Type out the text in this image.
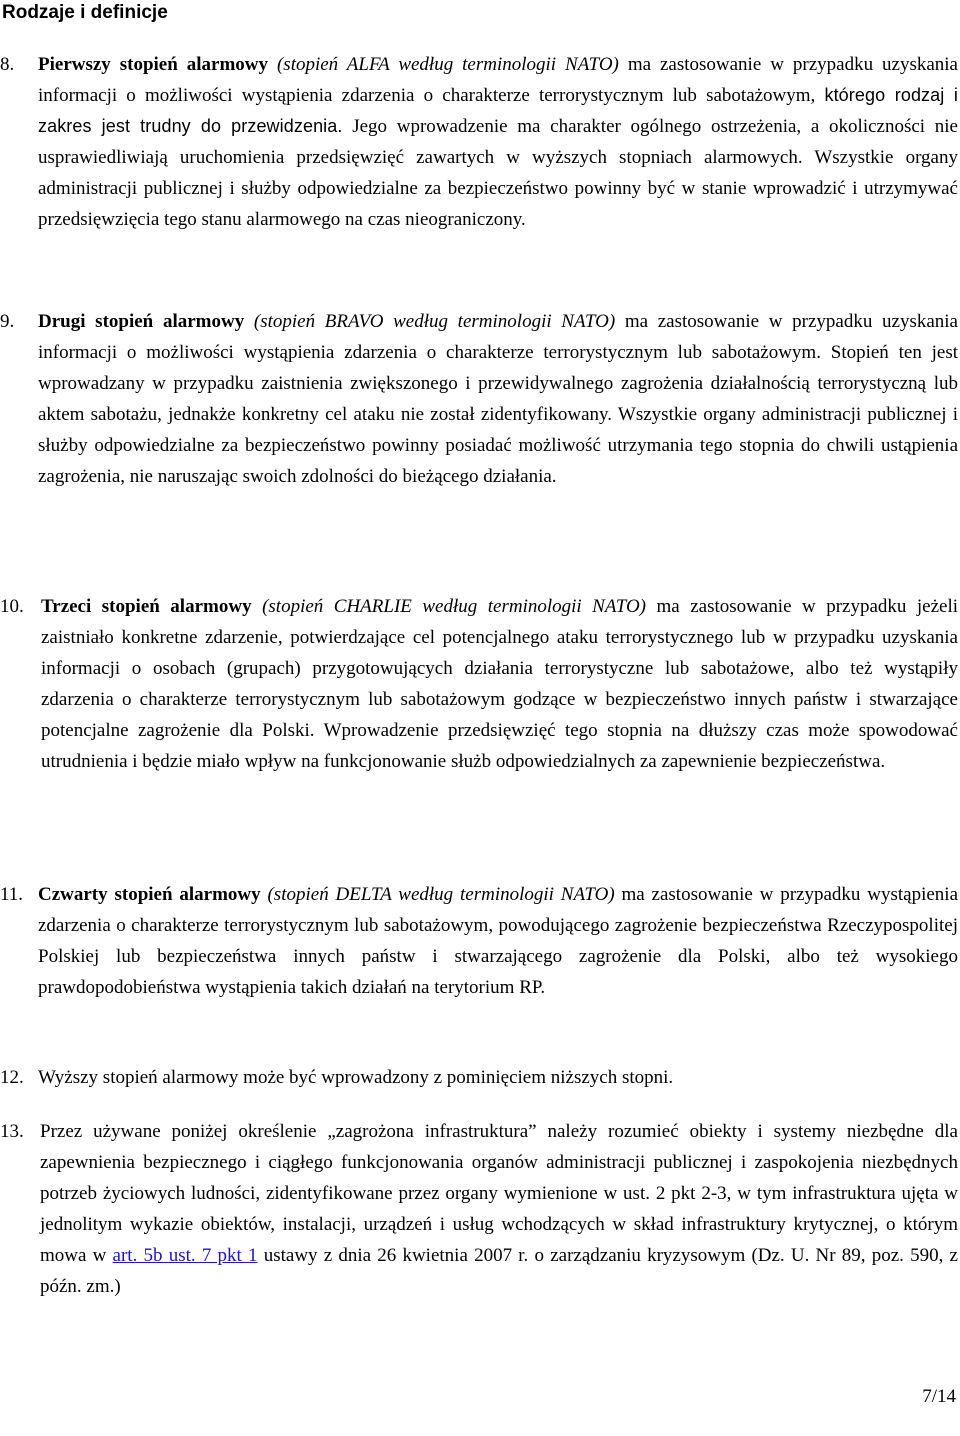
Rodzaje i definicje
8. Pierwszy stopień alarmowy (stopień ALFA według terminologii NATO) ma zastosowanie w przypadku uzyskania informacji o możliwości wystąpienia zdarzenia o charakterze terrorystycznym lub sabotażowym, którego rodzaj i zakres jest trudny do przewidzenia. Jego wprowadzenie ma charakter ogólnego ostrzeżenia, a okoliczności nie usprawiedliwiają uruchomienia przedsięwzięć zawartych w wyższych stopniach alarmowych. Wszystkie organy administracji publicznej i służby odpowiedzialne za bezpieczeństwo powinny być w stanie wprowadzić i utrzymywać przedsięwzięcia tego stanu alarmowego na czas nieograniczony.
9. Drugi stopień alarmowy (stopień BRAVO według terminologii NATO) ma zastosowanie w przypadku uzyskania informacji o możliwości wystąpienia zdarzenia o charakterze terrorystycznym lub sabotażowym. Stopień ten jest wprowadzany w przypadku zaistnienia zwiększonego i przewidywalnego zagrożenia działalnością terrorystyczną lub aktem sabotażu, jednakże konkretny cel ataku nie został zidentyfikowany. Wszystkie organy administracji publicznej i służby odpowiedzialne za bezpieczeństwo powinny posiadać możliwość utrzymania tego stopnia do chwili ustąpienia zagrożenia, nie naruszając swoich zdolności do bieżącego działania.
10. Trzeci stopień alarmowy (stopień CHARLIE według terminologii NATO) ma zastosowanie w przypadku jeżeli zaistniało konkretne zdarzenie, potwierdzające cel potencjalnego ataku terrorystycznego lub w przypadku uzyskania informacji o osobach (grupach) przygotowujących działania terrorystyczne lub sabotażowe, albo też wystąpiły zdarzenia o charakterze terrorystycznym lub sabotażowym godzące w bezpieczeństwo innych państw i stwarzające potencjalne zagrożenie dla Polski. Wprowadzenie przedsięwzięć tego stopnia na dłuższy czas może spowodować utrudnienia i będzie miało wpływ na funkcjonowanie służb odpowiedzialnych za zapewnienie bezpieczeństwa.
11. Czwarty stopień alarmowy (stopień DELTA według terminologii NATO) ma zastosowanie w przypadku wystąpienia zdarzenia o charakterze terrorystycznym lub sabotażowym, powodującego zagrożenie bezpieczeństwa Rzeczypospolitej Polskiej lub bezpieczeństwa innych państw i stwarzającego zagrożenie dla Polski, albo też wysokiego prawdopodobieństwa wystąpienia takich działań na terytorium RP.
12. Wyższy stopień alarmowy może być wprowadzony z pominięciem niższych stopni.
13. Przez używane poniżej określenie „zagrożona infrastruktura” należy rozumieć obiekty i systemy niezbędne dla zapewnienia bezpiecznego i ciągłego funkcjonowania organów administracji publicznej i zaspokojenia niezbędnych potrzeb życiowych ludności, zidentyfikowane przez organy wymienione w ust. 2 pkt 2-3, w tym infrastruktura ujęta w jednolitym wykazie obiektów, instalacji, urządzeń i usług wchodzących w skład infrastruktury krytycznej, o którym mowa w art. 5b ust. 7 pkt 1 ustawy z dnia 26 kwietnia 2007 r. o zarządzaniu kryzysowym (Dz. U. Nr 89, poz. 590, z późn. zm.)
7/14
